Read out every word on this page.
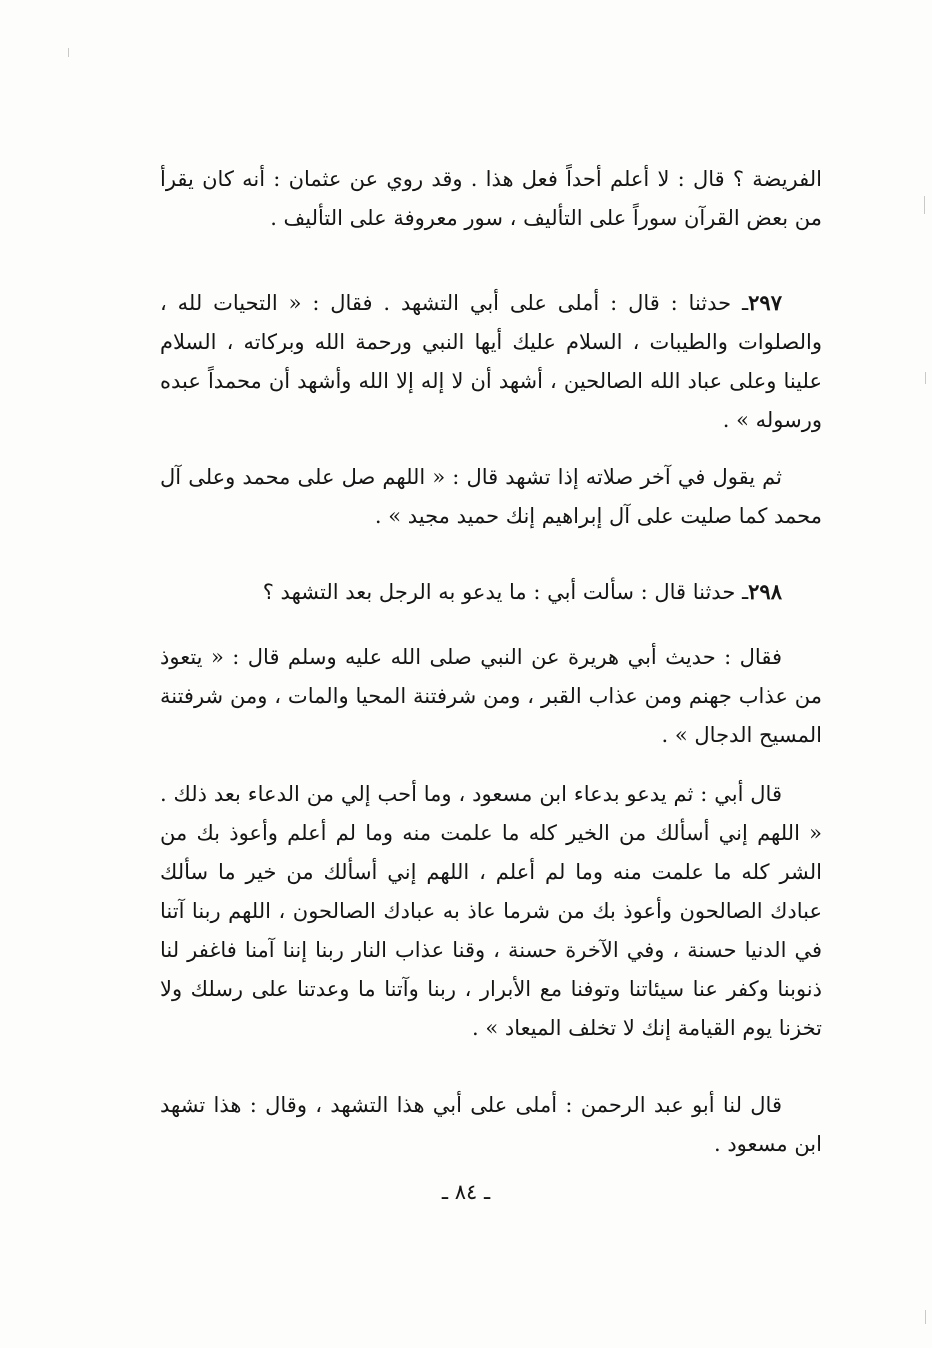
الفريضة ؟ قال : لا أعلم أحداً فعل هذا . وقد روي عن عثمان : أنه كان يقرأ من بعض القرآن سوراً على التأليف ، سور معروفة على التأليف .

٢٩٧ـ حدثنا : قال : أملى على أبي التشهد . فقال : « التحيات لله ، والصلوات والطيبات ، السلام عليك أيها النبي ورحمة الله وبركاته ، السلام علينا وعلى عباد الله الصالحين ، أشهد أن لا إله إلا الله وأشهد أن محمداً عبده ورسوله » .

ثم يقول في آخر صلاته إذا تشهد قال : « اللهم صل على محمد وعلى آل محمد كما صليت على آل إبراهيم إنك حميد مجيد » .

٢٩٨ـ حدثنا قال : سألت أبي : ما يدعو به الرجل بعد التشهد ؟

فقال : حديث أبي هريرة عن النبي صلى الله عليه وسلم قال : « يتعوذ من عذاب جهنم ومن عذاب القبر ، ومن شرفتنة المحيا والمات ، ومن شرفتنة المسيح الدجال » .

قال أبي : ثم يدعو بدعاء ابن مسعود ، وما أحب إلي من الدعاء بعد ذلك . « اللهم إني أسألك من الخير كله ما علمت منه وما لم أعلم وأعوذ بك من الشر كله ما علمت منه وما لم أعلم ، اللهم إني أسألك من خير ما سألك عبادك الصالحون وأعوذ بك من شرما عاذ به عبادك الصالحون ، اللهم ربنا آتنا في الدنيا حسنة ، وفي الآخرة حسنة ، وقنا عذاب النار ربنا إننا آمنا فاغفر لنا ذنوبنا وكفر عنا سيئاتنا وتوفنا مع الأبرار ، ربنا وآتنا ما وعدتنا على رسلك ولا تخزنا يوم القيامة إنك لا تخلف الميعاد » .

قال لنا أبو عبد الرحمن : أملى على أبي هذا التشهد ، وقال : هذا تشهد ابن مسعود .

ـ ٨٤ ـ
